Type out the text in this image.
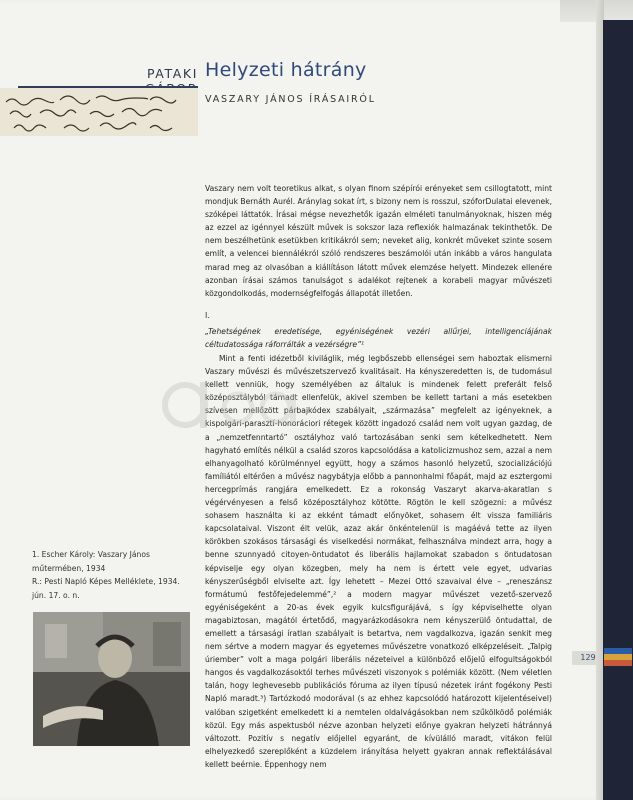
PATAKI Helyzeti hátrány
VASZARY JÁNOS ÍRÁSAIRÓL

Vaszary nem volt teoretikus alkat, s olyan finom szépírói erényeket sem csillogtatott, mint mondjuk Bernáth Aurél. Aránylag sokat írt, s bizony nem is rosszul, szóforDulatai elevenek, szóképei láttatók. Írásai mégse nevezhetők igazán elméleti tanulmányoknak, hiszen még az ezzel az igénnyel készült művek is sokszor laza reflexiók halmazának tekinthetők. De nem beszélhetünk esetükben kritikákról sem; neveket alig, konkrét műveket szinte sosem említ, a velencei biennálékról szóló rendszeres beszámolói után inkább a város hangulata marad meg az olvasóban a kiállításon látott művek elemzése helyett. Mindezek ellenére azonban írásai számos tanulságot s adalékot rejtenek a korabeli magyar művészeti közgondolkodás, modernségfelfogás állapotát illetően.

I.

„Tehetségének eredetisége, egyéniségének vezéri allűrjei, intelligenciájának céltudatossága ráforrálták a vezérségre”¹

Mint a fenti idézetből kiviláglik, még legbőszebb ellenségei sem haboztak elismerni Vaszary művészi és művészetszervező kvalitásait. Ha kényszeredetten is, de tudomásul kellett venniük, hogy személyében az általuk is mindenek felett preferált felső középosztályból támadt ellenfelük, akivel szemben be kellett tartani a más esetekben szívesen mellőzött párbajkódex szabályait, „származása” megfelelt az igényeknek, a kispolgári-parasztí-honoráciori rétegek között ingadozó család nem volt ugyan gazdag, de a „nemzetfenntartó” osztályhoz való tartozásában senki sem kételkedhetett. Nem hagyható említés nélkül a család szoros kapcsolódása a katolicizmushoz sem, azzal a nem elhanyagolható körülménnyel együtt, hogy a számos hasonló helyzetű, szocializációjú famíliától eltérően a művész nagybátyja előbb a pannonhalmi főapát, majd az esztergomi hercegprímás rangjára emelkedett. Ez a rokonság Vaszaryt akarva-akaratlan s végérvényesen a felső középosztályhoz kötötte. Rögtön le kell szögezni: a művész sohasem használta ki az ekként támadt előnyöket, sohasem élt vissza familiáris kapcsolataival. Viszont élt velük, azaz akár önkéntelenül is magáévá tette az ilyen körökben szokásos társasági és viselkedési normákat, felhasználva mindezt arra, hogy a benne szunnyadó citoyen-öntudatot és liberális hajlamokat szabadon s öntudatosan képviselje egy olyan közegben, mely ha nem is értett vele egyet, udvarias kényszerűségből elviselte azt. Így lehetett – Mezei Ottó szavaival élve – „reneszánsz formátumú festőfejedelemmé”,² a modern magyar művészet vezető-szervező egyéniségeként a 20-as évek egyik kulcsfigurájává, s így képviselhette olyan magabiztosan, magától értetődő, magyarázkodásokra nem kényszerülő öntudattal, de emellett a társasági íratlan szabályait is betartva, nem vagdalkozva, igazán senkit meg nem sértve a modern magyar és egyetemes művészetre vonatkozó elképzeléseit. „Talpig úriember” volt a maga polgári liberális nézeteivel a különböző előjelű elfogultságokból hangos és vagdalkozásoktól terhes művészeti viszonyok s polémiák között. (Nem véletlen talán, hogy leghevesebb publikációs fóruma az ilyen típusú nézetek iránt fogékony Pesti Napló maradt.³) Tartózkodó modorával (s az ehhez kapcsolódó határozott kijelentéseivel) valóban szigetként emelkedett ki a nemtelen oldalvágásokban nem szűkölködő polémiák közül. Egy más aspektusból nézve azonban helyzeti előnye gyakran helyzeti hátránnyá változott. Pozitív s negatív előjellel egyaránt, de kívülálló maradt, vitákon felül elhelyezkedő szereplőként a küzdelem irányítása helyett gyakran annak reflektálásával kellett beérnie. Éppenhogy nem

1. Escher Károly: Vaszary János műtermében, 1934
R.: Pesti Napló Képes Melléklete, 1934. jún. 17. o. n.
129
